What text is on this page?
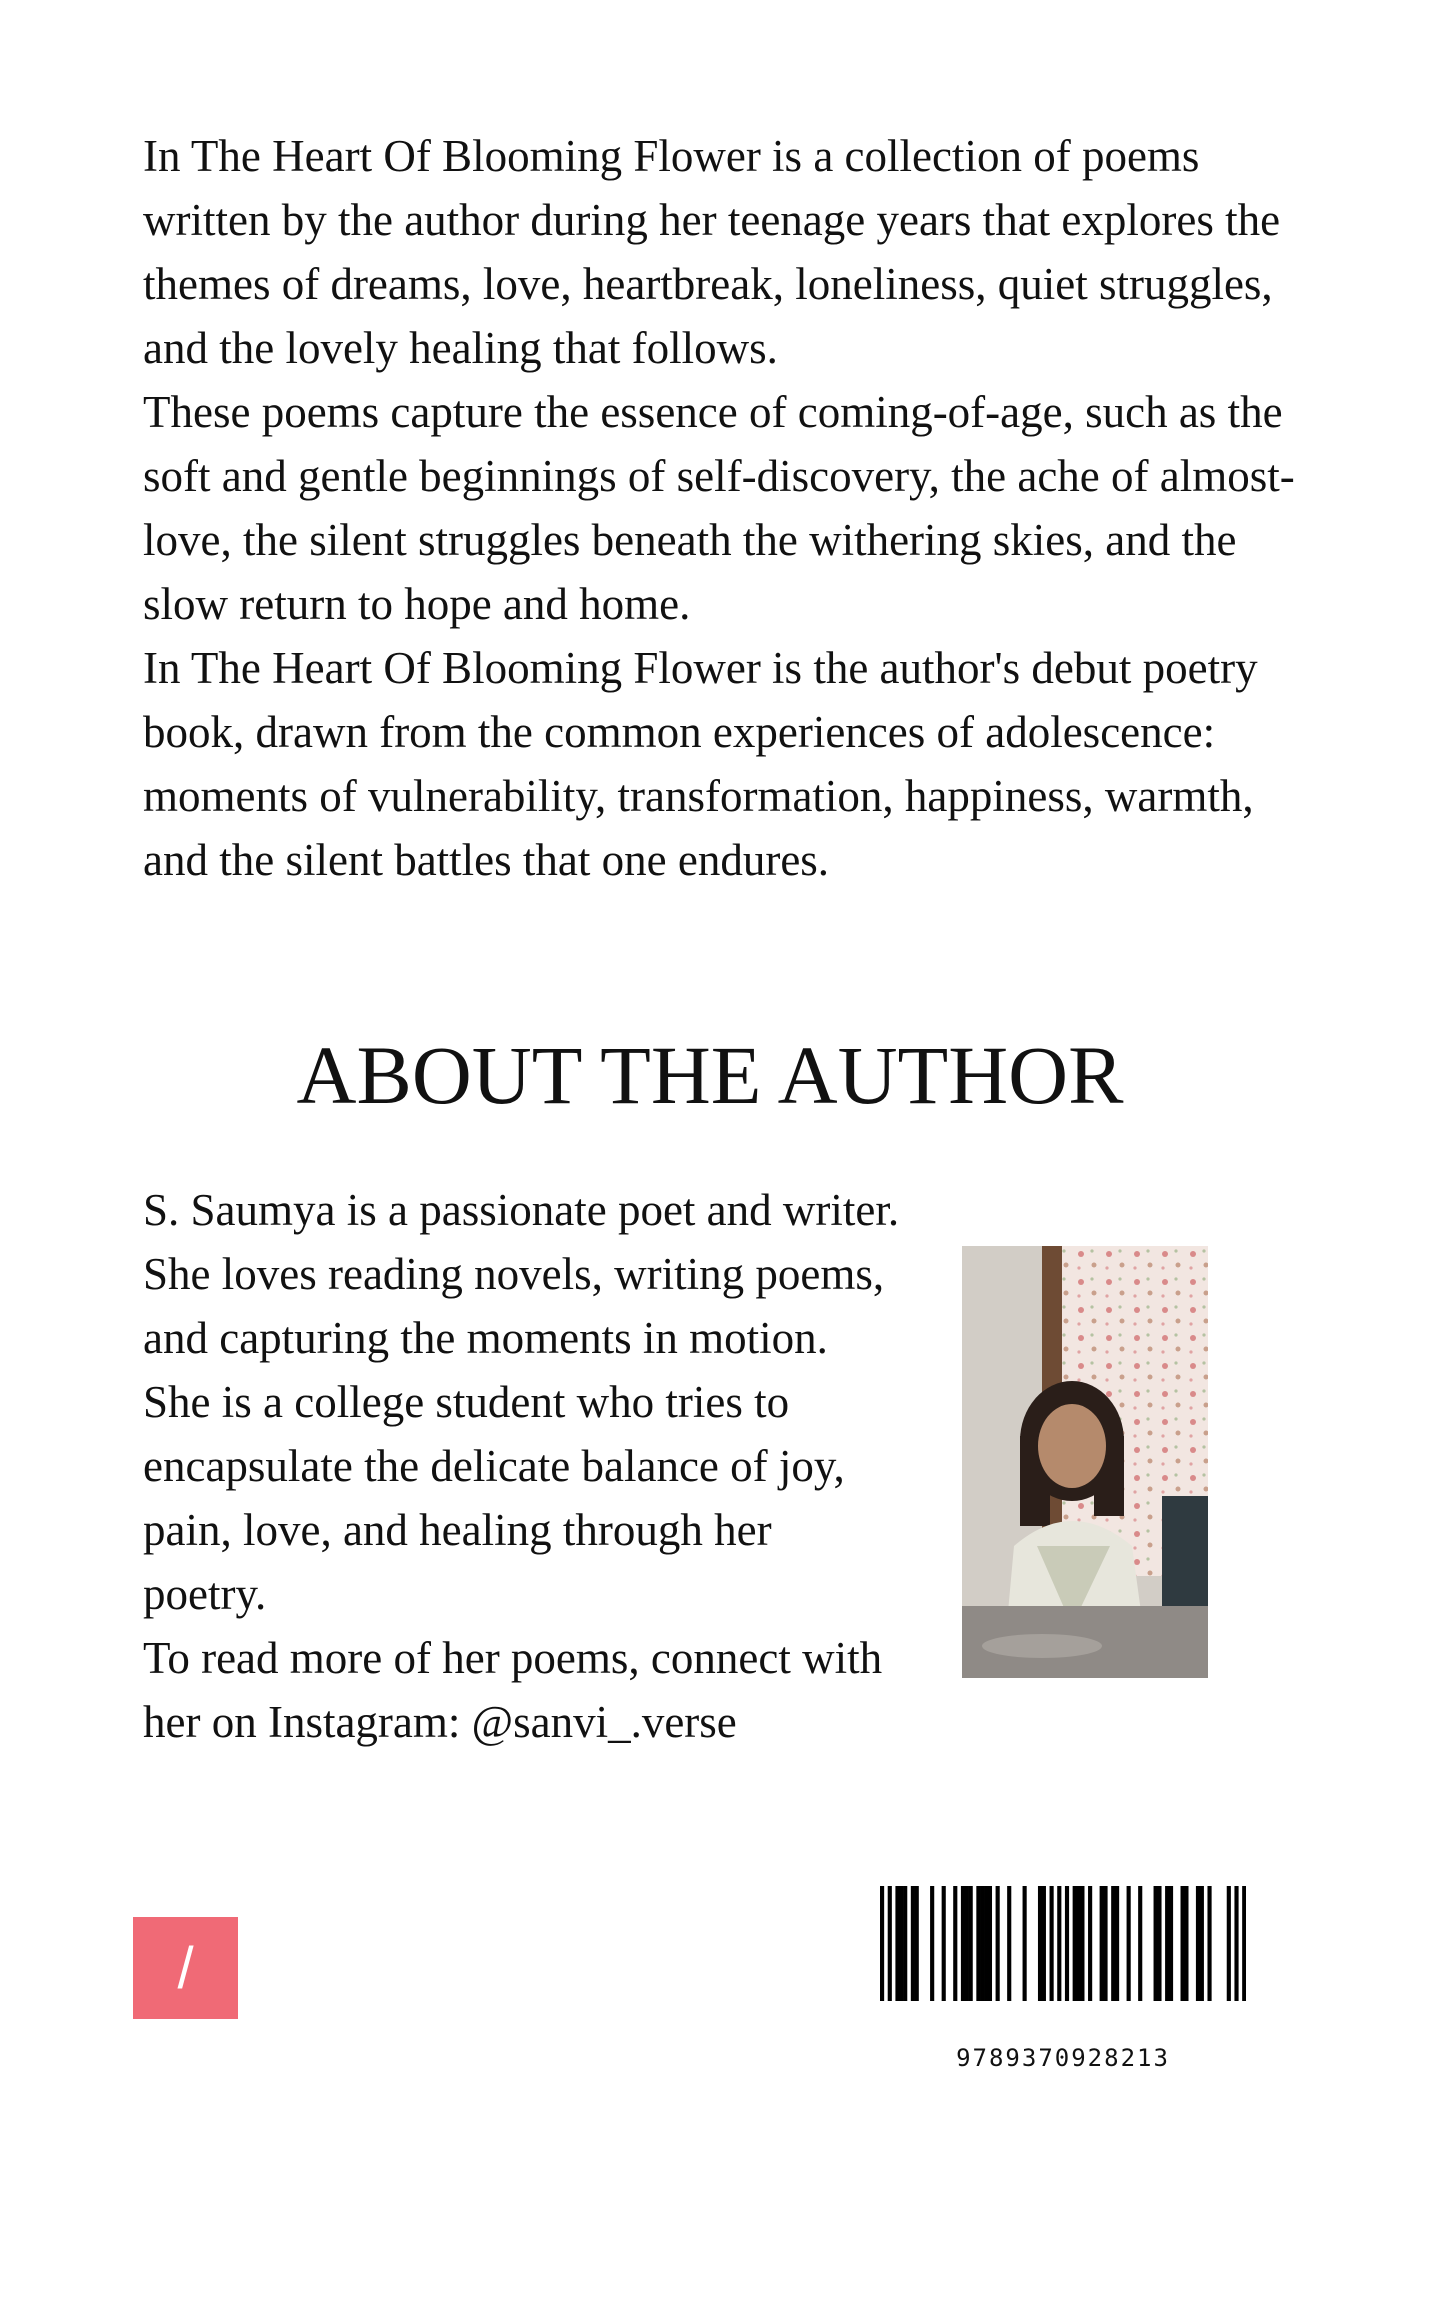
In The Heart Of Blooming Flower is a collection of poems written by the author during her teenage years that explores the themes of dreams, love, heartbreak, loneliness, quiet struggles, and the lovely healing that follows.

These poems capture the essence of coming-of-age, such as the soft and gentle beginnings of self-discovery, the ache of almost-love, the silent struggles beneath the withering skies, and the slow return to hope and home.

In The Heart Of Blooming Flower is the author's debut poetry book, drawn from the common experiences of adolescence: moments of vulnerability, transformation, happiness, warmth, and the silent battles that one endures.

ABOUT THE AUTHOR

S. Saumya is a passionate poet and writer. She loves reading novels, writing poems, and capturing the moments in motion. She is a college student who tries to encapsulate the delicate balance of joy, pain, love, and healing through her poetry.

To read more of her poems, connect with her on Instagram: @sanvi_.verse

/
9789370928213
